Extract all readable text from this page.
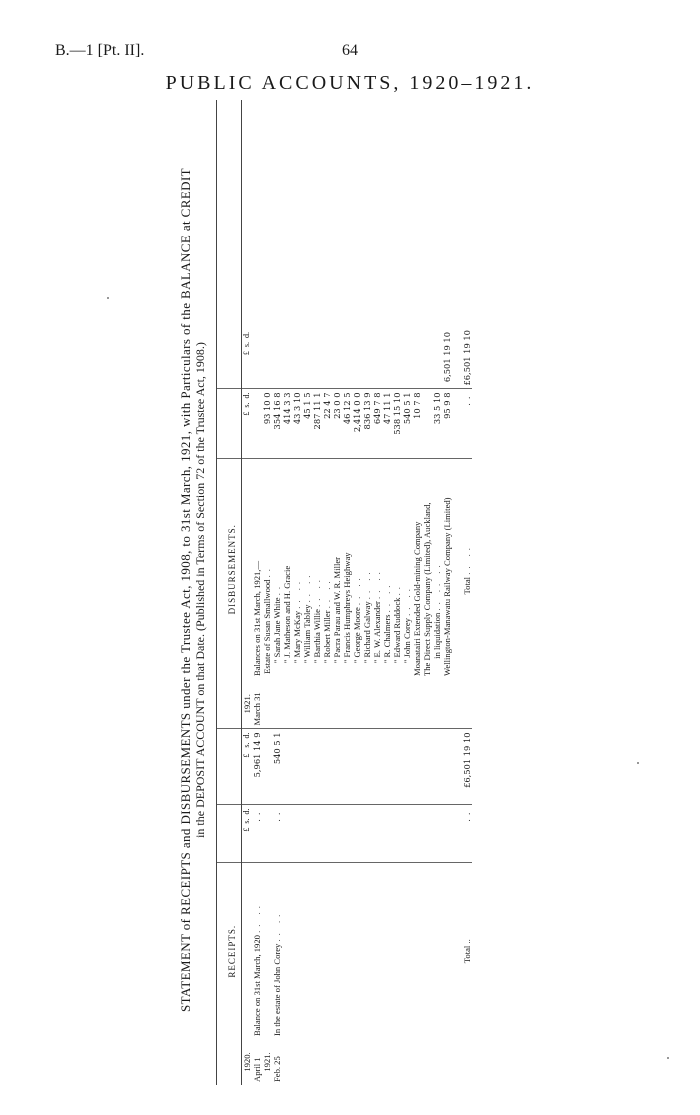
B.—1 [Pt. II].	64
PUBLIC ACCOUNTS, 1920–1921.
STATEMENT of RECEIPTS and DISBURSEMENTS under the Trustee Act, 1908, to 31st March, 1921, with Particulars of the BALANCE at CREDIT in the DEPOSIT ACCOUNT on that Date. (Published in Terms of Section 72 of the Trustee Act, 1908.)
	RECEIPTS.				DISBURSEMENTS.			
1920.		£  s.  d.	£   s.  d.	1921.		£  s.  d.	£  s.  d.	
April 1	Balance on 31st March, 1920 .. ..	..	5,961 14 9	March 31	Balances on 31st March, 1921,—			
1921.					Estate of Susan Smallwood ..	93 10 0		
Feb. 25	In the estate of John Corey .. ..	..	540 5 1		" Sarah Jane White ..	354 16 8		
					" J. Matheson and H. Gracie	414 3 3		
					" Mary McKay .. ..	43 3 10		
					" William Tabley .. ..	45 1 5		
					" Barthia Willie .. ..	287 11 1		
					" Robert Miller .. ..	22 4 7		
					" Pacra Parau and W. R. Miller	23 0 0		
					" Francis Humphreys Heighway	46 12 5		
					" George Moore .. ..	2,414 0 0		
					" Richard Galway .. ..	836 13 9		
					" E. W. Alexander .. ..	649 7 8		
					" R. Chalmers .. ..	47 11 1		
					" Edward Ruddock ..	538 15 10		
					" John Corey .. ..	540 5 1		
					Moanatairi Extended Gold-mining Company	10 7 8		
					The Direct Supply Company (Limited), Auckland,			
					in liquidation .. .. ..	33 5 10		
					Wellington-Manawatu Railway Company (Limited)	95 9 8	6,501 19 10	

	Total ..	..	£6,501 19 10		Total .. ..	..	£6,501 19 10	
